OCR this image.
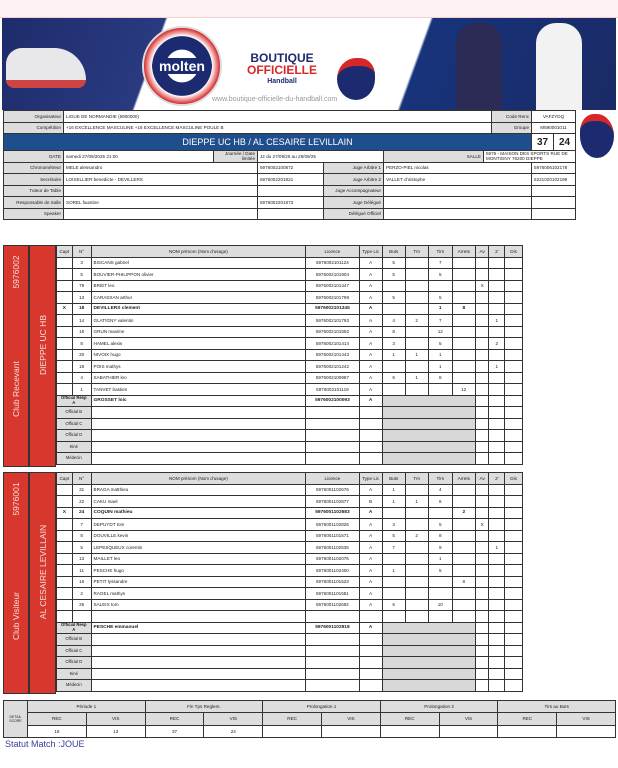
molten	BOUTIQUE
OFFICIELLE
Handball
www.boutique-officielle-du-handball.com
Organisateur	LIGUE DE NORMANDIE (5900000)						Code Renc	VAFZYDQ	
Compétition	+16 EXCELLENCE MASCULINE +16 EXCELLENCE MASCULINE POULE B						Groupe	M590001011	
DIEPPE UC HB / AL CESAIRE LEVILLAIN								37	24
DATE	samedi 27/09/2025 21:00	Journée / Date limitée	J2 du 27/09/25 au 28/09/25		SALLE	5976 - MAISON DES SPORTS RUE DE MONTIGNY 76200 DIEPPE			
Chronométreur	MELE alessandro		5976002100872	Juge Arbitre 1	PERZO-PIEL nicolas			5976006102178	
Secrétaire	LOISELLIER benedicte - DEVILLERS		5976002201821	Juge Arbitre 2	VALLET christophe			5221020102199	
Tuteur de Table				Juge Accompagnateur					
Responsable de Salle	SOREL faustine		5976002201873	Juge Délégué					
Speaker				Délégué Officiel					
5976002
Club Recevant
DIEPPE UC HB
Capt	N°	NOM prénom (Nom d'usage)	Licence	Type Lic	Buts	Tm	Tirs	Arrets	Av	2'	Dis
	3	BISCANS gabriel	5976002101124	A	5		7				
	5	BOUVIER-PHILIPPON olivier	5976002101904	A	5		5				
	79	BRIET leo	5976002101447	A					X		
	13	CARASSAN arthur	5976002101799	A	5		5				
X	18	DEVILLERS clement	5976002101345	A			1	8			
	14	GLATIGNY valentin	5976002101793	A	4	2	7			1	
	15	GRUN maxime	5976002101592	A	8		12				
	8	HAMEL alexis	5976002101414	A	3		5			2	
	20	NIVOIX hugo	5976002101443	A	1	1	1				
	18	POIS mathys	5976002101242	A			1			1	
	4	SABATHIER leo	5976002100987	A	6	1	8				
	1	TANVET bastien	5976002101119	A				12			
Official Resp A		GROSSET loic	5976002100093	A							
Official B											
Official C											
Official D											
Kiné											
Médecin											
5976001
Club Visiteur AL CESAIRE LEVILLAIN
Capt	N°	NOM prénom (Nom d'usage)	Licence	Type Lic	Buts	Tm	Tirs	Arrets	Av	2'	Dis
	31	BRAGA matthieu	5976001102676	A	1		4				
	22	CAKU mael	5976001102877	B	1	1	6				
X	24	COQUIN mathieu	5976001102683	A				2			
	7	DEPUYDT tom	5976001102826	A	3		5		X		
	8	DOUVILLE kevin	5976001101571	A	5	2	8				
	5	LEPESQUEUX corentin	5976001102535	A	7		9			1	
	13	MAILLET leo	5976001102076	A			1				
	11	PESCHE hugo	5976001102400	A	1		5				
	16	PETIT lyssandre	5976001101523	A				8			
	2	RAGEL mathys	5976001101581	A							
	26	SALEIX tom	5976001102692	A	6		10				

Official Resp A		PESCHE emmanuel	5976001102918	A							
Official B											
Official C											
Official D											
Kiné											
Médecin											
DETAIL SCORE	Période 1		Fin Tps Reglem.		Prolongation 1		Prolongation 2		Tirs au Buts	
	REC	VIS	REC	VIS	REC	VIS	REC	VIS	REC	VIS
	18	13	37	24						
Statut Match :JOUE
